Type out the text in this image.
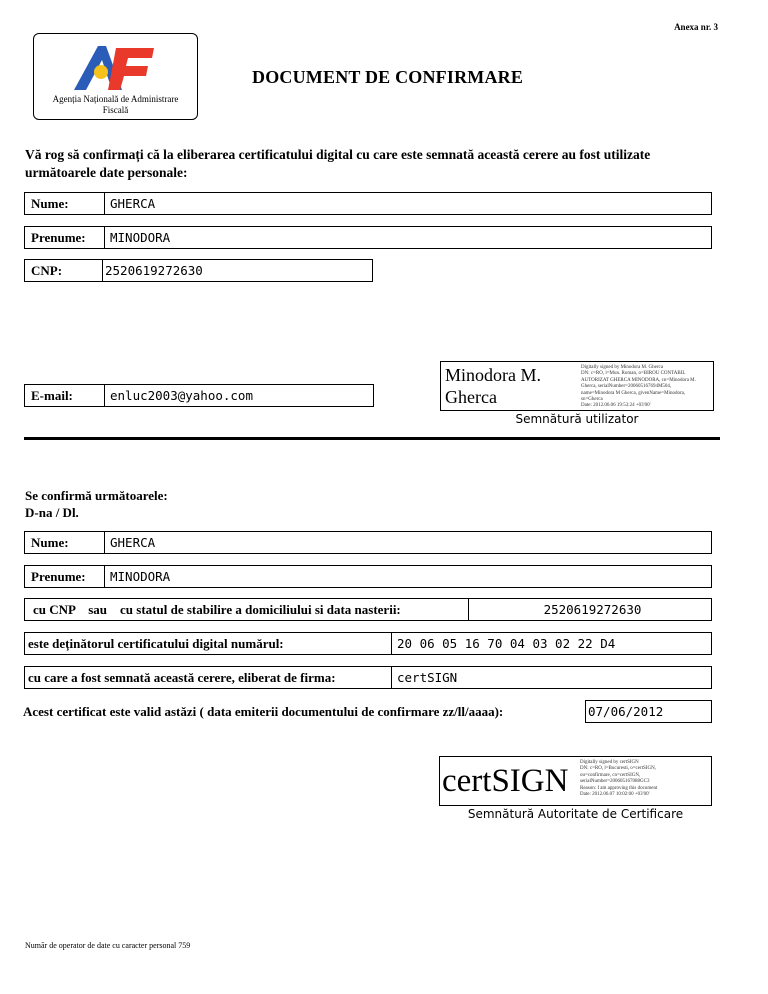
Anexa nr. 3
Agenția Națională de Administrare
Fiscală
DOCUMENT DE CONFIRMARE
Vă rog să confirmați că la eliberarea certificatului digital cu care este semnată această cerere au fost utilizate următoarele date personale:
Nume:	GHERCA
Prenume:	MINODORA
CNP:	2520619272630
Minodora M.
Gherca
Digitally signed by Minodora M. Gherca
DN: c=RO, l=Mun. Roman, o=BIROU CONTABIL
AUTORIZAT GHERCA MINODORA, cn=Minodora M.
Gherca, serialNumber=200605167694M504,
name=Minodora M Gherca, givenName=Minodora,
sn=Gherca
Date: 2012.06.06 19:53:24 +03'00'
Semnătură utilizator
E-mail:	enluc2003@yahoo.com
Se confirmă următoarele:
D-na / Dl.
Nume:	GHERCA
Prenume:	MINODORA
cu CNP    sau    cu statul de stabilire a domiciliului si data nasterii:	2520619272630
este deținătorul certificatului digital numărul:	20 06 05 16 70 04 03 02 22 D4
cu care a fost semnată această cerere, eliberat de firma:	certSIGN
Acest certificat este valid astăzi ( data emiterii documentului de confirmare zz/ll/aaaa):	07/06/2012
certSIGN
Digitally signed by certSIGN
DN: c=RO, l=Bucuresti, o=certSIGN,
ou=confirmare, cn=certSIGN,
serialNumber=200605167088GC3
Reason: I am approving this document
Date: 2012.06.07 10:02:00 +03'00'
Semnătură Autoritate de Certificare
Număr de operator de date cu caracter personal 759
